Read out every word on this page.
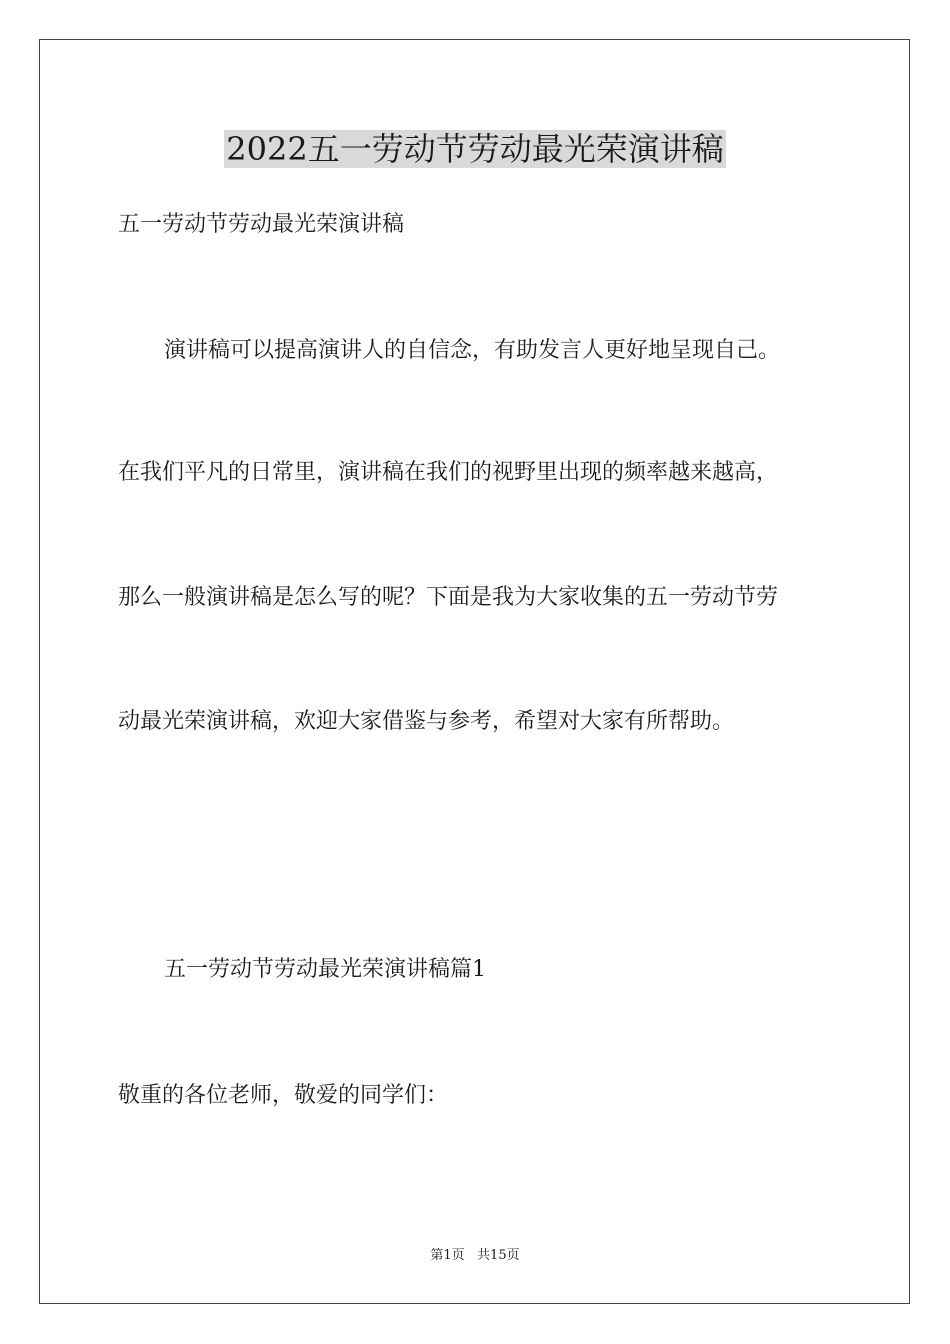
2022五一劳动节劳动最光荣演讲稿

五一劳动节劳动最光荣演讲稿

演讲稿可以提高演讲人的自信念，有助发言人更好地呈现自己。

在我们平凡的日常里，演讲稿在我们的视野里出现的频率越来越高，

那么一般演讲稿是怎么写的呢？下面是我为大家收集的五一劳动节劳

动最光荣演讲稿，欢迎大家借鉴与参考，希望对大家有所帮助。

五一劳动节劳动最光荣演讲稿篇1

敬重的各位老师，敬爱的同学们：

第1页   共15页
